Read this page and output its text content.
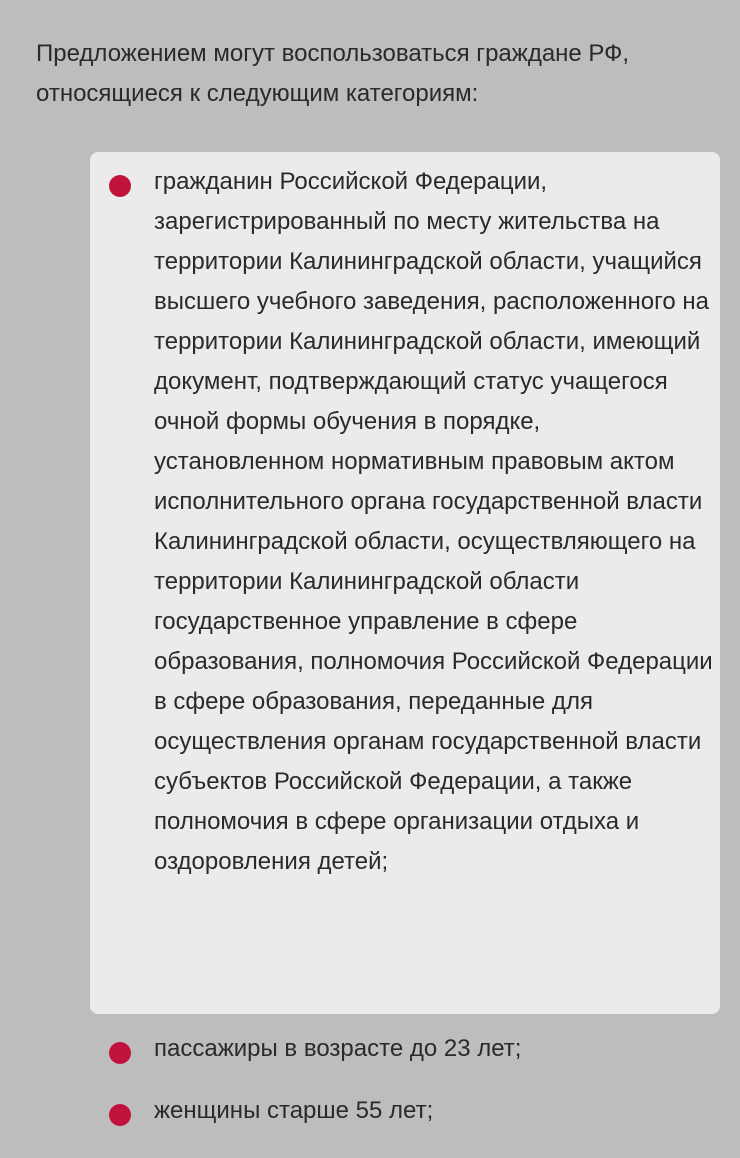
Предложением могут воспользоваться граждане РФ, относящиеся к следующим категориям:

гражданин Российской Федерации, зарегистрированный по месту жительства на территории Калининградской области, учащийся высшего учебного заведения, расположенного на территории Калининградской области, имеющий документ, подтверждающий статус учащегося очной формы обучения в порядке, установленном нормативным правовым актом исполнительного органа государственной власти Калининградской области, осуществляющего на территории Калининградской области государственное управление в сфере образования, полномочия Российской Федерации в сфере образования, переданные для осуществления органам государственной власти субъектов Российской Федерации, а также полномочия в сфере организации отдыха и оздоровления детей;
пассажиры в возрасте до 23 лет;
женщины старше 55 лет;
